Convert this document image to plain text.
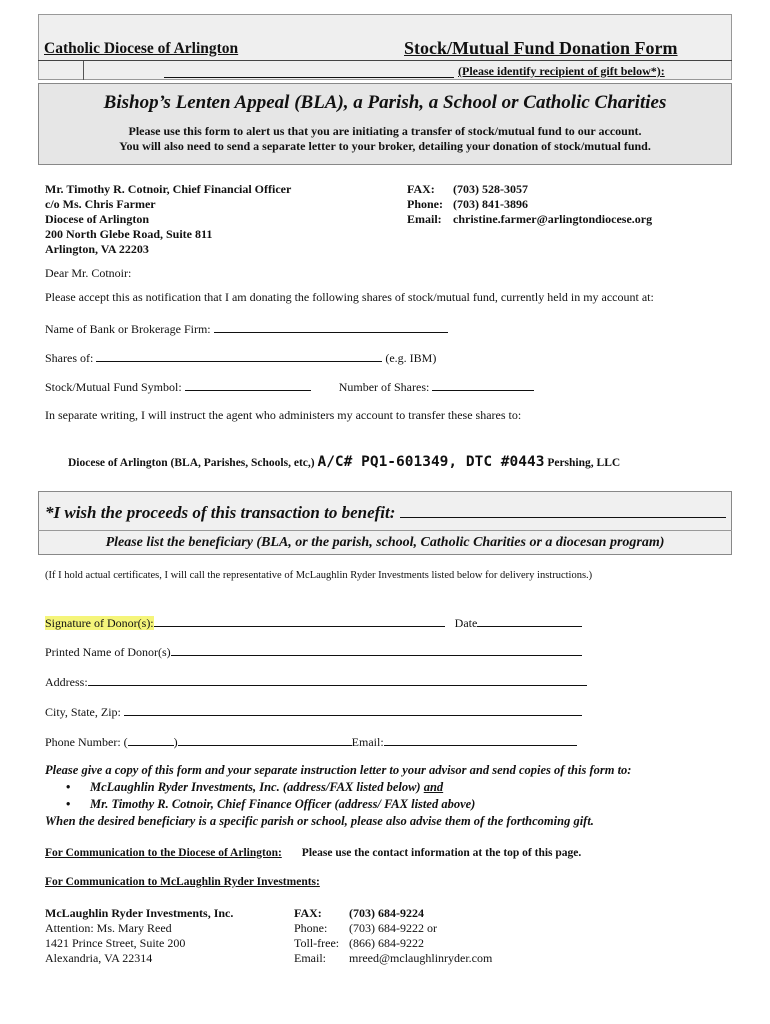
Catholic Diocese of Arlington	Stock/Mutual Fund Donation Form
(Please identify recipient of gift below*):
Bishop’s Lenten Appeal (BLA), a Parish, a School or Catholic Charities
Please use this form to alert us that you are initiating a transfer of stock/mutual fund to our account.
You will also need to send a separate letter to your broker, detailing your donation of stock/mutual fund.
Mr. Timothy R. Cotnoir, Chief Financial Officer
c/o Ms. Chris Farmer
Diocese of Arlington
200 North Glebe Road, Suite 811
Arlington, VA 22203
FAX: (703) 528-3057
Phone: (703) 841-3896
Email: christine.farmer@arlingtondiocese.org
Dear Mr. Cotnoir:
Please accept this as notification that I am donating the following shares of stock/mutual fund, currently held in my account at:
Name of Bank or Brokerage Firm:
Shares of:	(e.g. IBM)
Stock/Mutual Fund Symbol:	Number of Shares:
In separate writing, I will instruct the agent who administers my account to transfer these shares to:
Diocese of Arlington (BLA, Parishes, Schools, etc,) A/C# PQ1-601349, DTC #0443 Pershing, LLC
*I wish the proceeds of this transaction to benefit:
Please list the beneficiary (BLA, or the parish, school, Catholic Charities or a diocesan program)
(If I hold actual certificates, I will call the representative of McLaughlin Ryder Investments listed below for delivery instructions.)
Signature of Donor(s):	Date
Printed Name of Donor(s)
Address:
City, State, Zip:
Phone Number: (	)	Email:
Please give a copy of this form and your separate instruction letter to your advisor and send copies of this form to:
• McLaughlin Ryder Investments, Inc. (address/FAX listed below) and
• Mr. Timothy R. Cotnoir, Chief Finance Officer (address/ FAX listed above)
When the desired beneficiary is a specific parish or school, please also advise them of the forthcoming gift.
For Communication to the Diocese of Arlington: Please use the contact information at the top of this page.
For Communication to McLaughlin Ryder Investments:
McLaughlin Ryder Investments, Inc.
Attention: Ms. Mary Reed
1421 Prince Street, Suite 200
Alexandria, VA 22314
FAX: (703) 684-9224
Phone: (703) 684-9222 or
Toll-free: (866) 684-9222
Email: mreed@mclaughlinryder.com
